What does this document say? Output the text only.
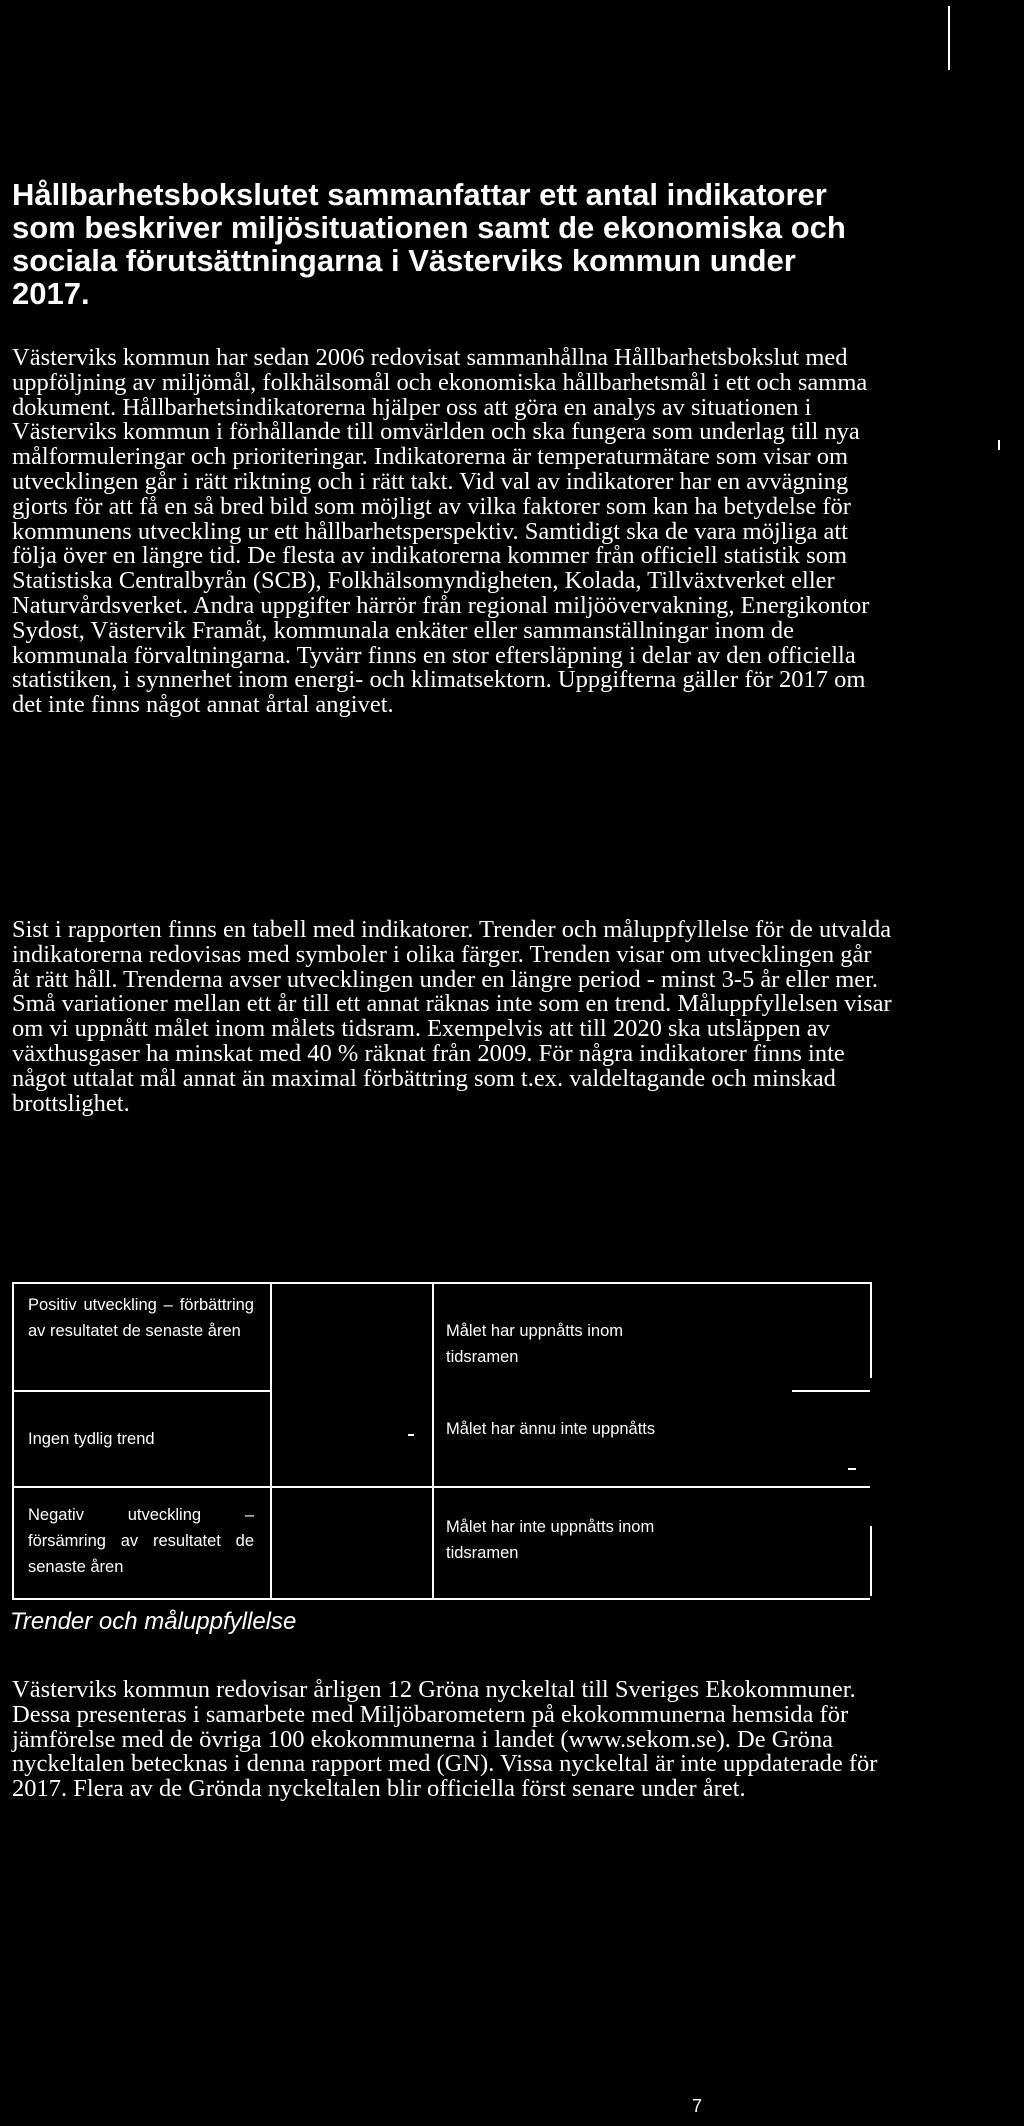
Hållbarhetsbokslutet sammanfattar ett antal indikatorer som beskriver miljösituationen samt de ekonomiska och sociala förutsättningarna i Västerviks kommun under 2017.

Västerviks kommun har sedan 2006 redovisat sammanhållna Hållbarhetsbokslut med uppföljning av miljömål, folkhälsomål och ekonomiska hållbarhetsmål i ett och samma dokument. Hållbarhetsindikatorerna hjälper oss att göra en analys av situationen i Västerviks kommun i förhållande till omvärlden och ska fungera som underlag till nya målformuleringar och prioriteringar. Indikatorerna är temperaturmätare som visar om utvecklingen går i rätt riktning och i rätt takt. Vid val av indikatorer har en avvägning gjorts för att få en så bred bild som möjligt av vilka faktorer som kan ha betydelse för kommunens utveckling ur ett hållbarhetsperspektiv. Samtidigt ska de vara möjliga att följa över en längre tid. De flesta av indikatorerna kommer från officiell statistik som Statistiska Centralbyrån (SCB), Folkhälsomyndigheten, Kolada, Tillväxtverket eller Naturvårdsverket. Andra uppgifter härrör från regional miljöövervakning, Energikontor Sydost, Västervik Framåt, kommunala enkäter eller sammanställningar inom de kommunala förvaltningarna. Tyvärr finns en stor eftersläpning i delar av den officiella statistiken, i synnerhet inom energi- och klimatsektorn. Uppgifterna gäller för 2017 om det inte finns något annat årtal angivet.

Sist i rapporten finns en tabell med indikatorer. Trender och måluppfyllelse för de utvalda indikatorerna redovisas med symboler i olika färger. Trenden visar om utvecklingen går åt rätt håll. Trenderna avser utvecklingen under en längre period - minst 3-5 år eller mer. Små variationer mellan ett år till ett annat räknas inte som en trend. Måluppfyllelsen visar om vi uppnått målet inom målets tidsram. Exempelvis att till 2020 ska utsläppen av växthusgaser ha minskat med 40 % räknat från 2009. För några indikatorer finns inte något uttalat mål annat än maximal förbättring som t.ex. valdeltagande och minskad brottslighet.

Positiv utveckling – förbättring av resultatet de senaste åren

Ingen tydlig trend

Negativ utveckling – försämring av resultatet de senaste åren

Målet har uppnåtts inom tidsramen

Målet har ännu inte uppnåtts

Målet har inte uppnåtts inom tidsramen

Trender och måluppfyllelse

Västerviks kommun redovisar årligen 12 Gröna nyckeltal till Sveriges Ekokommuner. Dessa presenteras i samarbete med Miljöbarometern på ekokommunerna hemsida för jämförelse med de övriga 100 ekokommunerna i landet (www.sekom.se). De Gröna nyckeltalen betecknas i denna rapport med (GN). Vissa nyckeltal är inte uppdaterade för 2017. Flera av de Grönda nyckeltalen blir officiella först senare under året.

7
